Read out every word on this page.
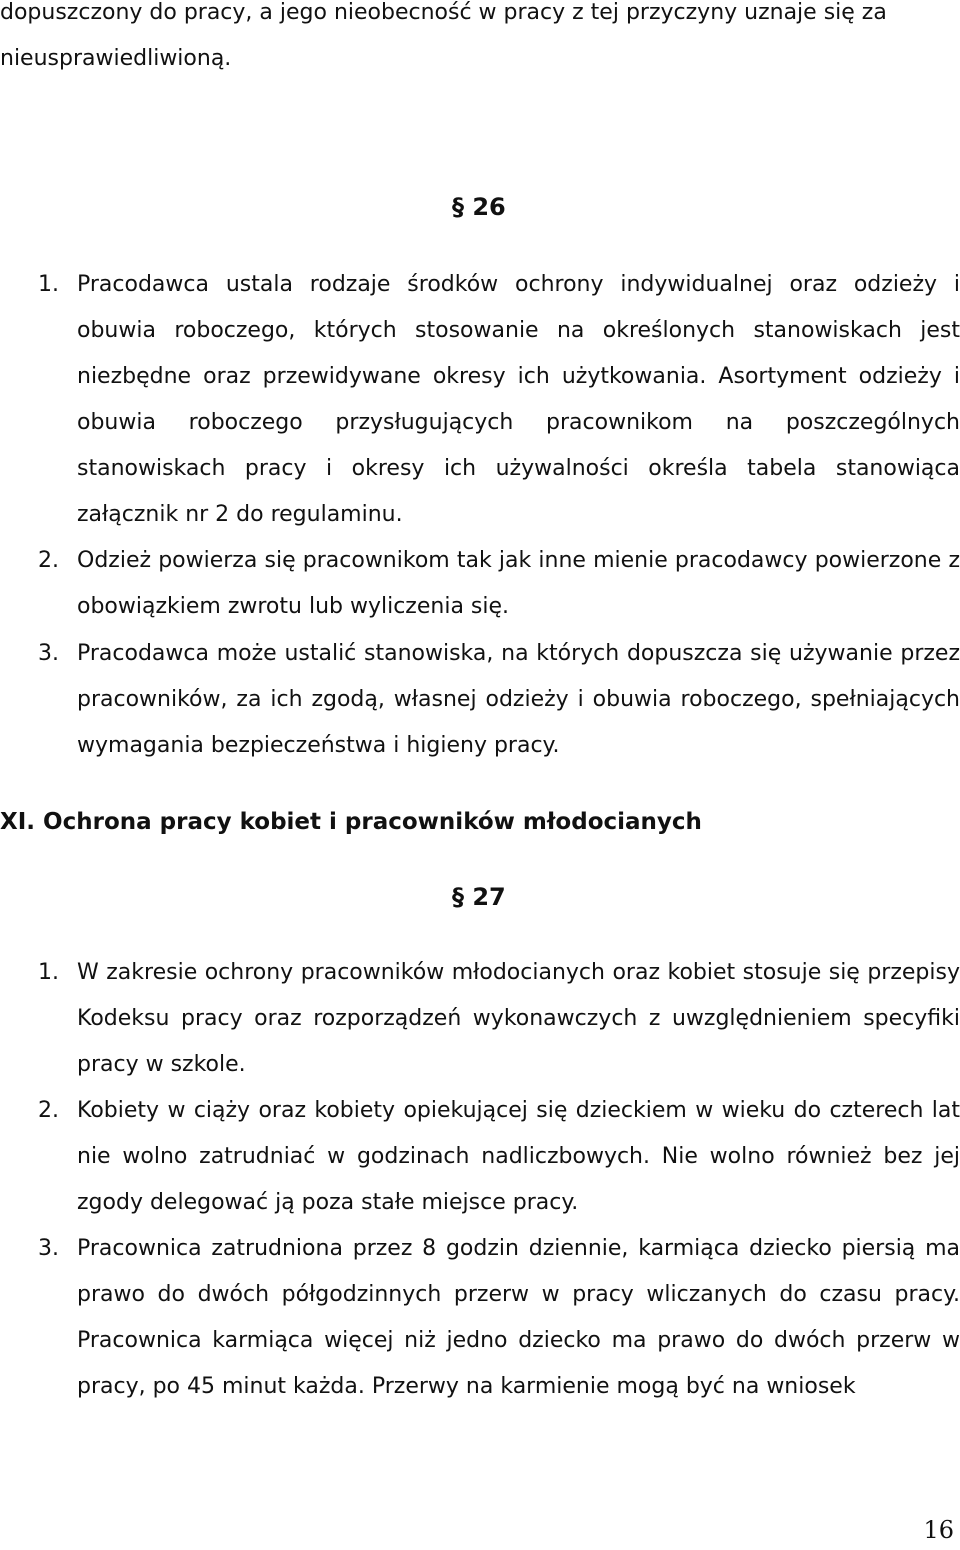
dopuszczony do pracy, a jego nieobecność w pracy z tej przyczyny uznaje się za nieusprawiedliwioną.

§ 26
1. Pracodawca ustala rodzaje środków ochrony indywidualnej oraz odzieży i obuwia roboczego, których stosowanie na określonych stanowiskach jest niezbędne oraz przewidywane okresy ich użytkowania. Asortyment odzieży i obuwia roboczego przysługujących pracownikom na poszczególnych stanowiskach pracy i okresy ich używalności określa tabela stanowiąca załącznik nr 2 do regulaminu.
2. Odzież powierza się pracownikom tak jak inne mienie pracodawcy powierzone z obowiązkiem zwrotu lub wyliczenia się.
3. Pracodawca może ustalić stanowiska, na których dopuszcza się używanie przez pracowników, za ich zgodą, własnej odzieży i obuwia roboczego, spełniających wymagania bezpieczeństwa i higieny pracy.
XI. Ochrona pracy kobiet i pracowników młodocianych
§ 27
1. W zakresie ochrony pracowników młodocianych oraz kobiet stosuje się przepisy Kodeksu pracy oraz rozporządzeń wykonawczych z uwzględnieniem specyfiki pracy w szkole.
2. Kobiety w ciąży oraz kobiety opiekującej się dzieckiem w wieku do czterech lat nie wolno zatrudniać w godzinach nadliczbowych. Nie wolno również bez jej zgody delegować ją poza stałe miejsce pracy.
3. Pracownica zatrudniona przez 8 godzin dziennie, karmiąca dziecko piersią ma prawo do dwóch półgodzinnych przerw w pracy wliczanych do czasu pracy. Pracownica karmiąca więcej niż jedno dziecko ma prawo do dwóch przerw w pracy, po 45 minut każda. Przerwy na karmienie mogą być na wniosek
16
